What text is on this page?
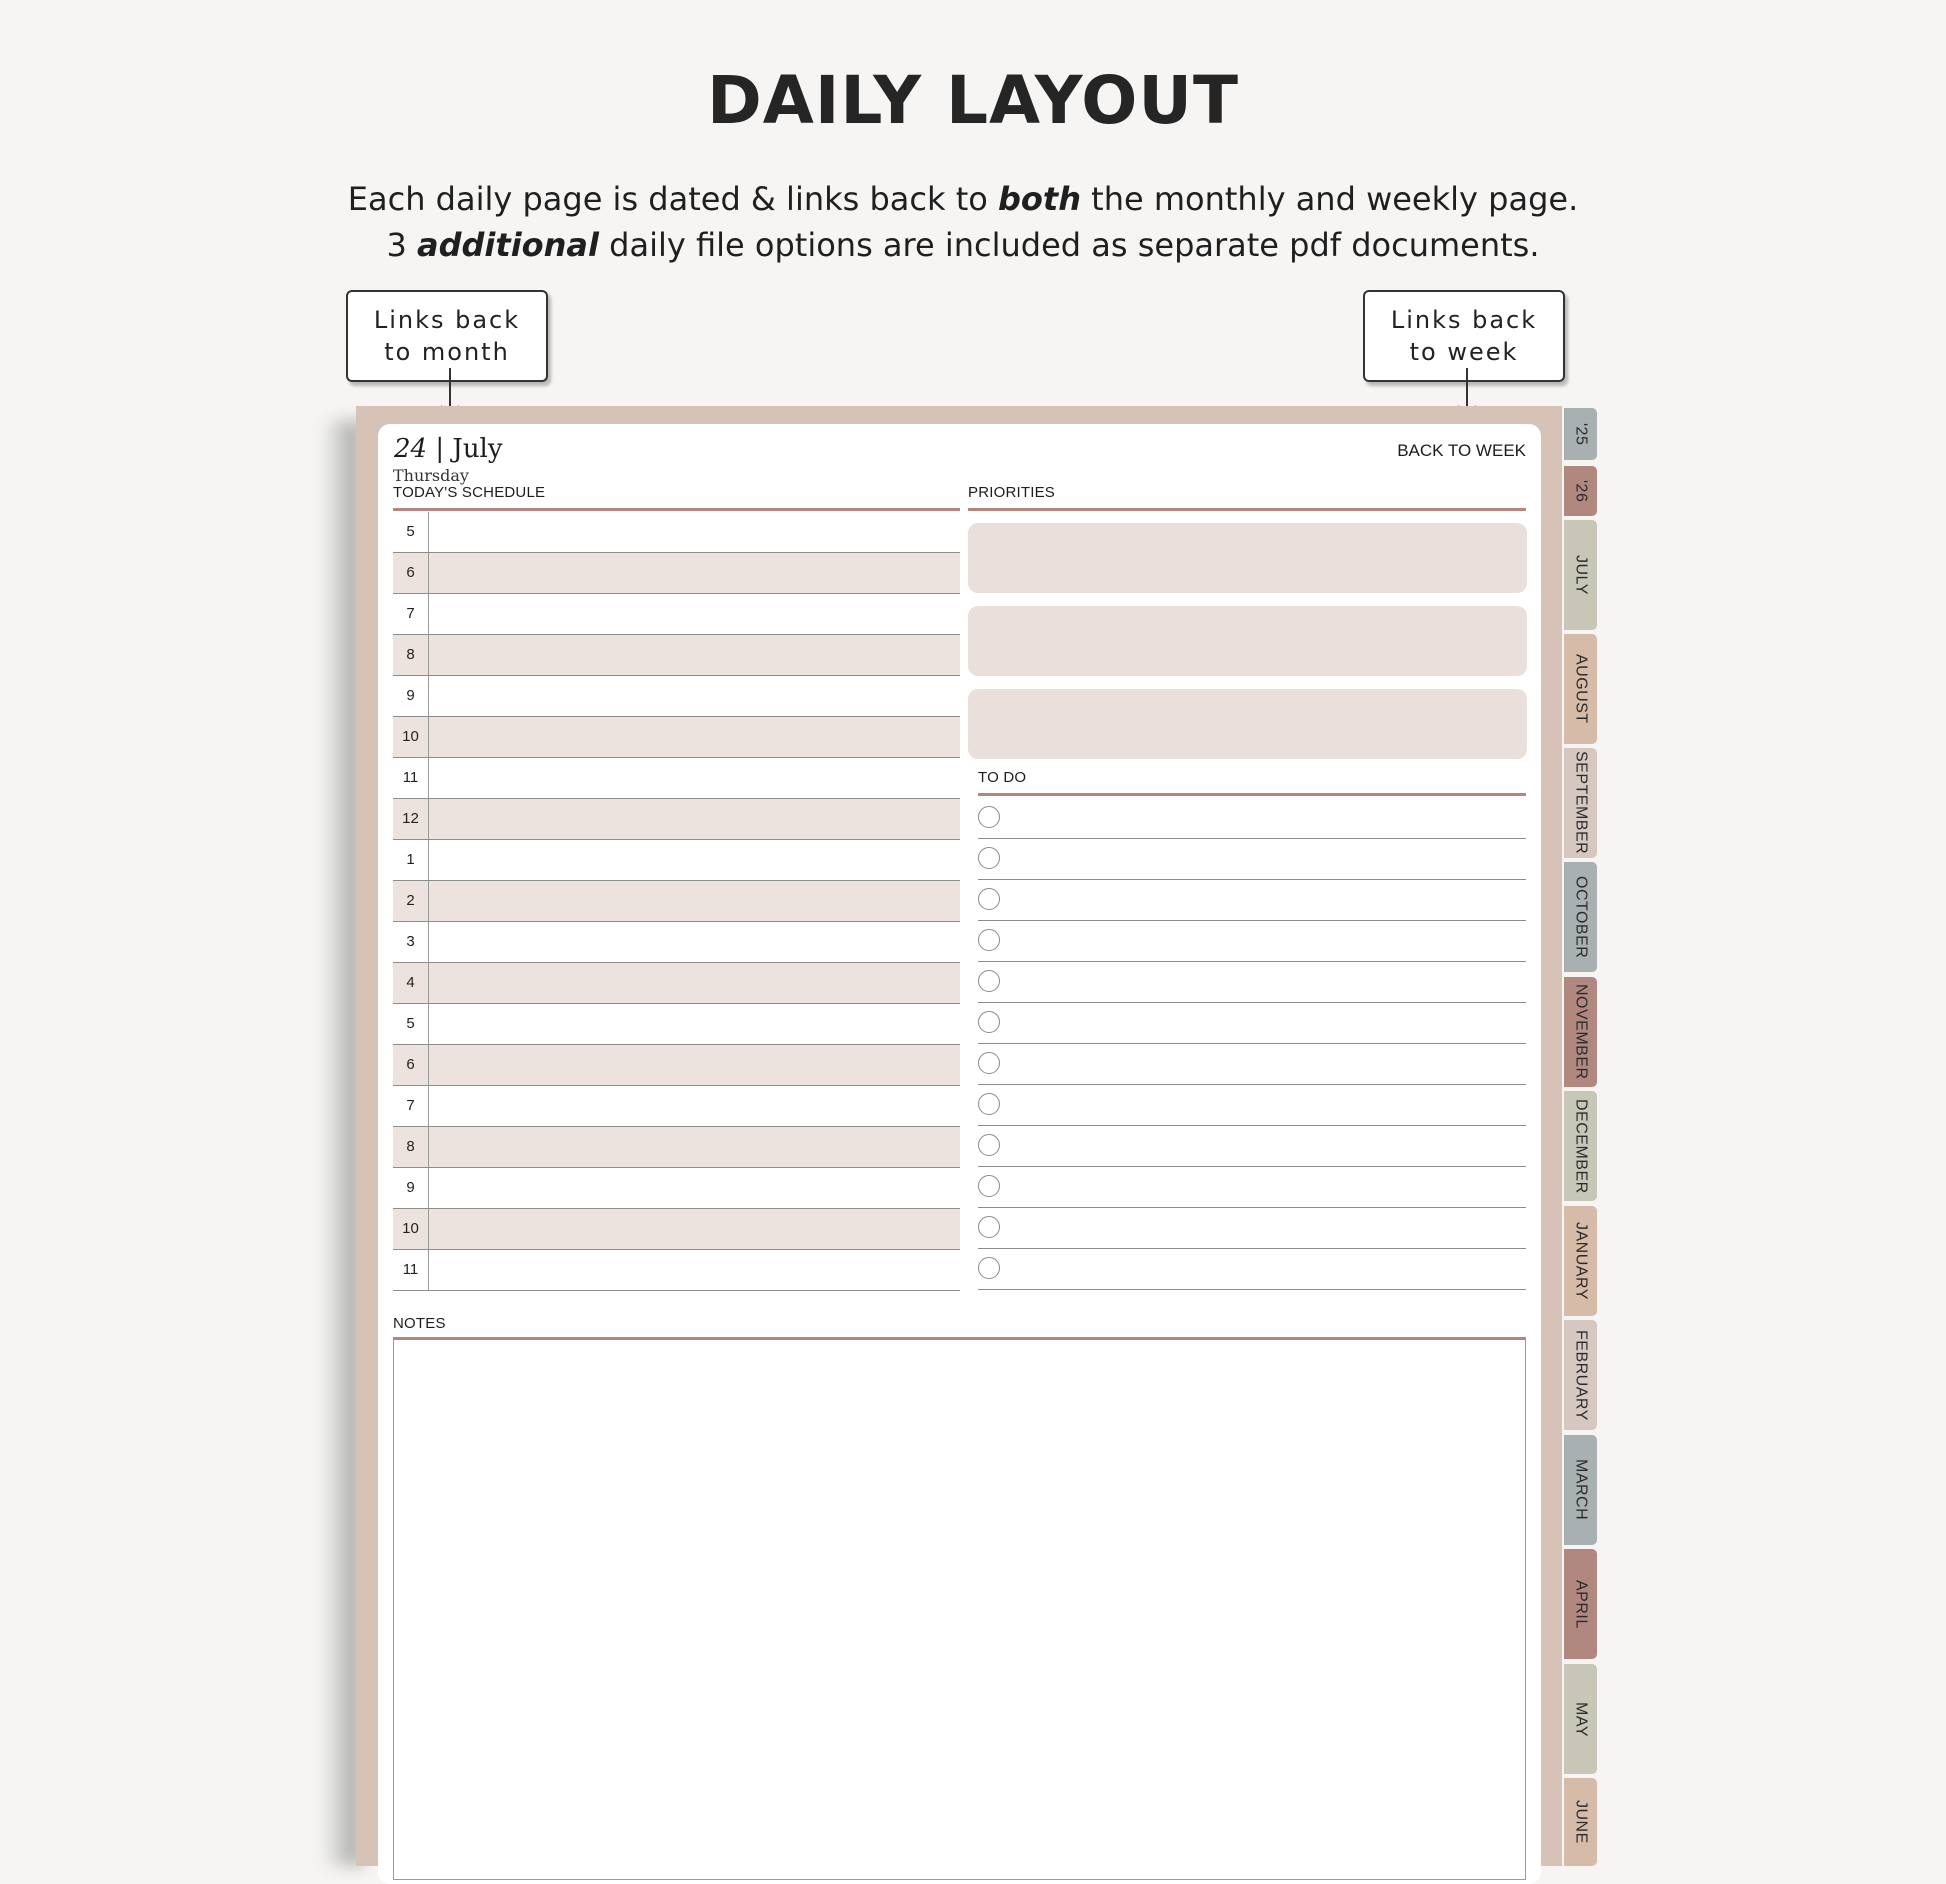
DAILY LAYOUT
Each daily page is dated & links back to both the monthly and weekly page.
3 additional daily file options are included as separate pdf documents.
Links back
to month
Links back
to week
'25
'26
JULY
AUGUST
SEPTEMBER
OCTOBER
NOVEMBER
DECEMBER
JANUARY
FEBRUARY
MARCH
APRIL
MAY
JUNE
24 | July
Thursday
BACK TO WEEK
TODAY'S SCHEDULE
5
6
7
8
9
10
11
12
1
2
3
4
5
6
7
8
9
10
11
PRIORITIES
TO DO
NOTES
